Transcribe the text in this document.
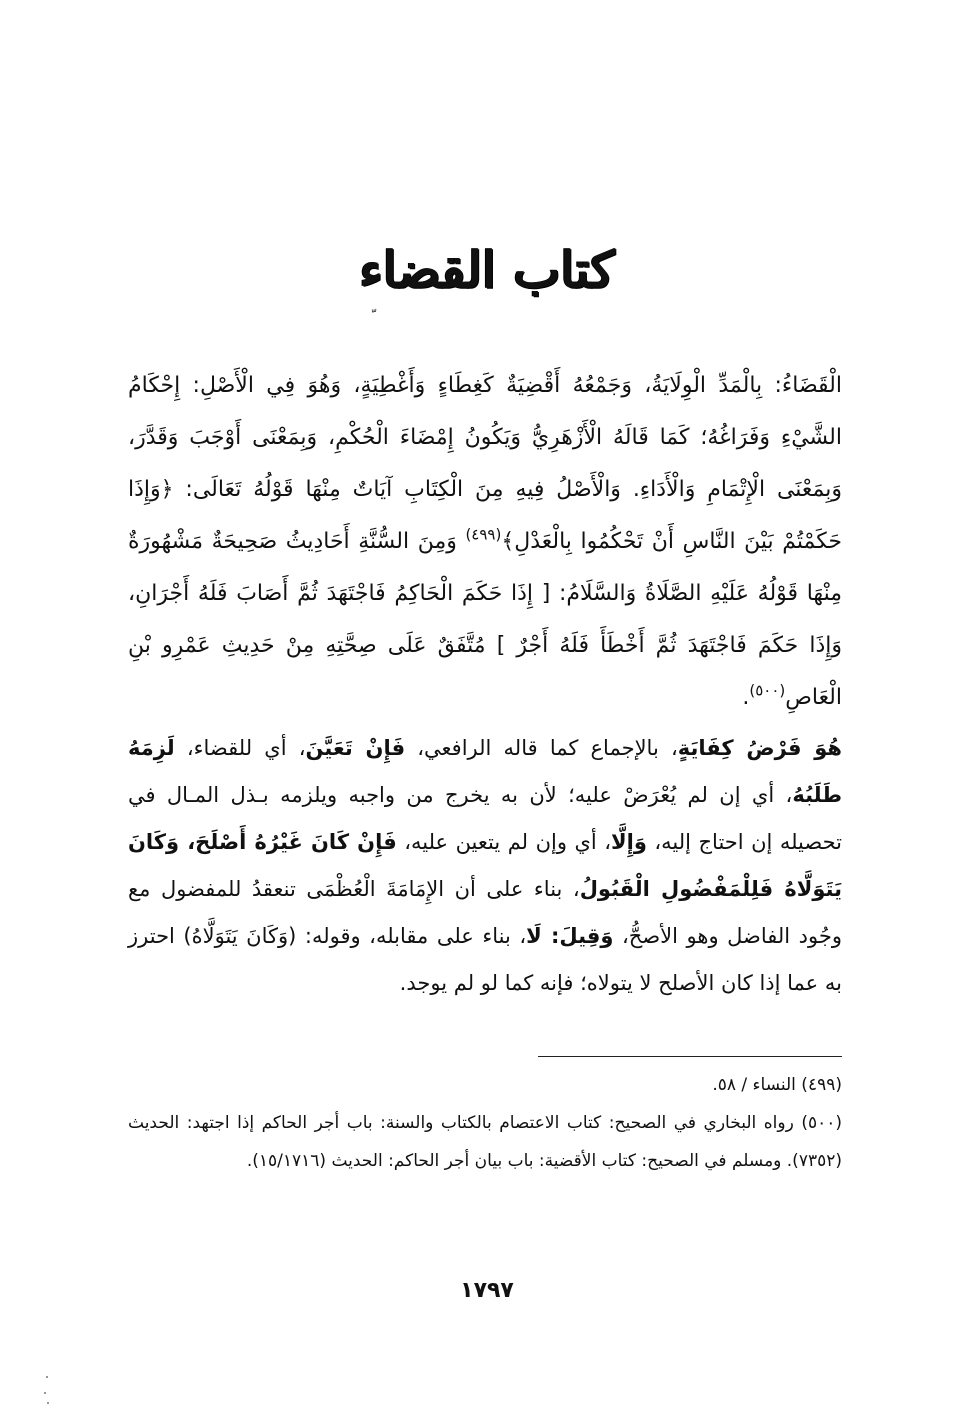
كتاب القضاء
ﹼ
الْقَضَاءُ: بِالْمَدِّ الْوِلَايَةُ، وَجَمْعُهُ أَقْضِيَةٌ كَغِطَاءٍ وَأَغْطِيَةٍ، وَهُوَ فِي الْأَصْلِ: إِحْكَامُ الشَّيْءِ وَفَرَاغُهُ؛ كَمَا قَالَهُ الْأَزْهَرِيُّ وَيَكُونُ إِمْضَاءَ الْحُكْمِ، وَبِمَعْنَى أَوْجَبَ وَقَدَّرَ، وَبِمَعْنَى الْإِتْمَامِ وَالْأَدَاءِ. وَالْأَصْلُ فِيهِ مِنَ الْكِتَابِ آيَاتٌ مِنْهَا قَوْلُهُ تَعَالَى: ﴿وَإِذَا حَكَمْتُمْ بَيْنَ النَّاسِ أَنْ تَحْكُمُوا بِالْعَدْلِ﴾$^{(٤٩٩)}$ وَمِنَ السُّنَّةِ أَحَادِيثُ صَحِيحَةٌ مَشْهُورَةٌ مِنْهَا قَوْلُهُ عَلَيْهِ الصَّلَاةُ وَالسَّلَامُ: [ إِذَا حَكَمَ الْحَاكِمُ فَاجْتَهَدَ ثُمَّ أَصَابَ فَلَهُ أَجْرَانِ، وَإِذَا حَكَمَ فَاجْتَهَدَ ثُمَّ أَخْطَأَ فَلَهُ أَجْرٌ ] مُتَّفَقٌ عَلَى صِحَّتِهِ مِنْ حَدِيثِ عَمْرِو بْنِ الْعَاصِ$^{(٥٠٠)}$.
هُوَ فَرْضُ كِفَايَةٍ، بالإجماع كما قاله الرافعي، فَإِنْ تَعَيَّنَ، أي للقضاء، لَزِمَهُ طَلَبُهُ، أي إن لم يُعْرَضْ عليه؛ لأن به يخرج من واجبه ويلزمه بـذل المـال في تحصيله إن احتاج إليه، وَإِلَّا، أي وإن لم يتعين عليه، فَإِنْ كَانَ غَيْرُهُ أَصْلَحَ، وَكَانَ يَتَوَلَّاهُ فَلِلْمَفْضُولِ الْقَبُولُ، بناء على أن الإِمَامَةَ الْعُظْمَى تنعقدُ للمفضول مع وجُود الفاضل وهو الأصحُّ، وَقِيلَ: لَا، بناء على مقابله، وقوله: (وَكَانَ يَتَوَلَّاهُ) احترز به عما إذا كان الأصلح لا يتولاه؛ فإنه كما لو لم يوجد.

(٤٩٩) النساء / ٥٨.

(٥٠٠) رواه البخاري في الصحيح: كتاب الاعتصام بالكتاب والسنة: باب أجر الحاكم إذا اجتهد: الحديث (٧٣٥٢). ومسلم في الصحيح: كتاب الأقضية: باب بيان أجر الحاكم: الحديث (١٥/١٧١٦).

١٧٩٧
